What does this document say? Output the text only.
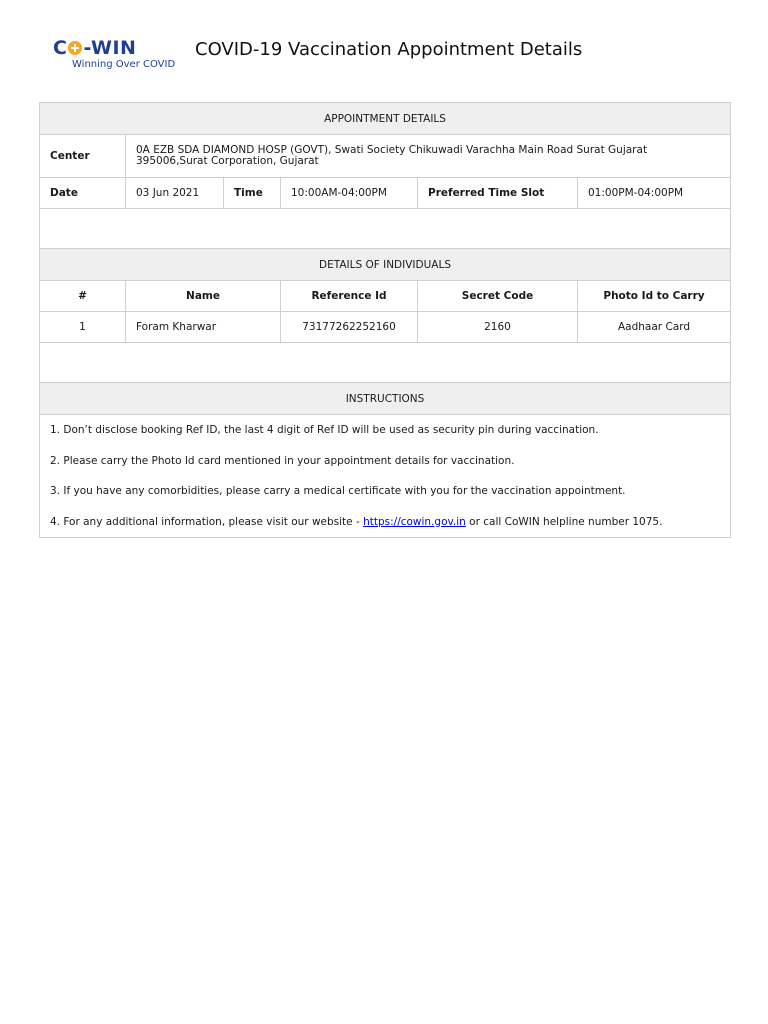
C -WIN
Winning Over COVID
COVID-19 Vaccination Appointment Details
APPOINTMENT DETAILS					
Center	0A EZB SDA DIAMOND HOSP (GOVT), Swati Society Chikuwadi Varachha Main Road Surat Gujarat 395006,Surat Corporation, Gujarat				
Date	03 Jun 2021	Time	10:00AM-04:00PM	Preferred Time Slot	01:00PM-04:00PM

DETAILS OF INDIVIDUALS					
#	Name		Reference Id	Secret Code	Photo Id to Carry
1	Foram Kharwar		73177262252160	2160	Aadhaar Card

INSTRUCTIONS					

1. Don’t disclose booking Ref ID, the last 4 digit of Ref ID will be used as security pin during vaccination.

2. Please carry the Photo Id card mentioned in your appointment details for vaccination.

3. If you have any comorbidities, please carry a medical certificate with you for the vaccination appointment.

4. For any additional information, please visit our website - https://cowin.gov.in or call CoWIN helpline number 1075.					
